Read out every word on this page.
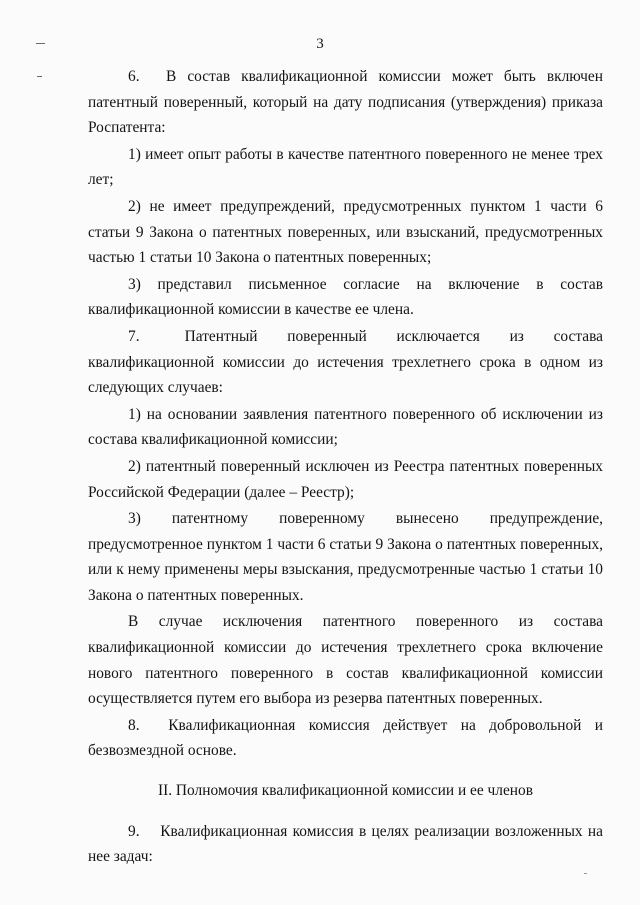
3

6.  В состав квалификационной комиссии может быть включен патентный поверенный, который на дату подписания (утверждения) приказа Роспатента:

1) имеет опыт работы в качестве патентного поверенного не менее трех лет;

2) не имеет предупреждений, предусмотренных пунктом 1 части 6 статьи 9 Закона о патентных поверенных, или взысканий, предусмотренных частью 1 статьи 10 Закона о патентных поверенных;

3) представил письменное согласие на включение в состав квалификационной комиссии в качестве ее члена.

7.  Патентный поверенный исключается из состава квалификационной комиссии до истечения трехлетнего срока в одном из следующих случаев:

1) на основании заявления патентного поверенного об исключении из состава квалификационной комиссии;

2) патентный поверенный исключен из Реестра патентных поверенных Российской Федерации (далее – Реестр);

3) патентному поверенному вынесено предупреждение, предусмотренное пунктом 1 части 6 статьи 9 Закона о патентных поверенных, или к нему применены меры взыскания, предусмотренные частью 1 статьи 10 Закона о патентных поверенных.

В случае исключения патентного поверенного из состава квалификационной комиссии до истечения трехлетнего срока включение нового патентного поверенного в состав квалификационной комиссии осуществляется путем его выбора из резерва патентных поверенных.

8.  Квалификационная комиссия действует на добровольной и безвозмездной основе.

II. Полномочия квалификационной комиссии и ее членов

9.  Квалификационная комиссия в целях реализации возложенных на нее задач:
